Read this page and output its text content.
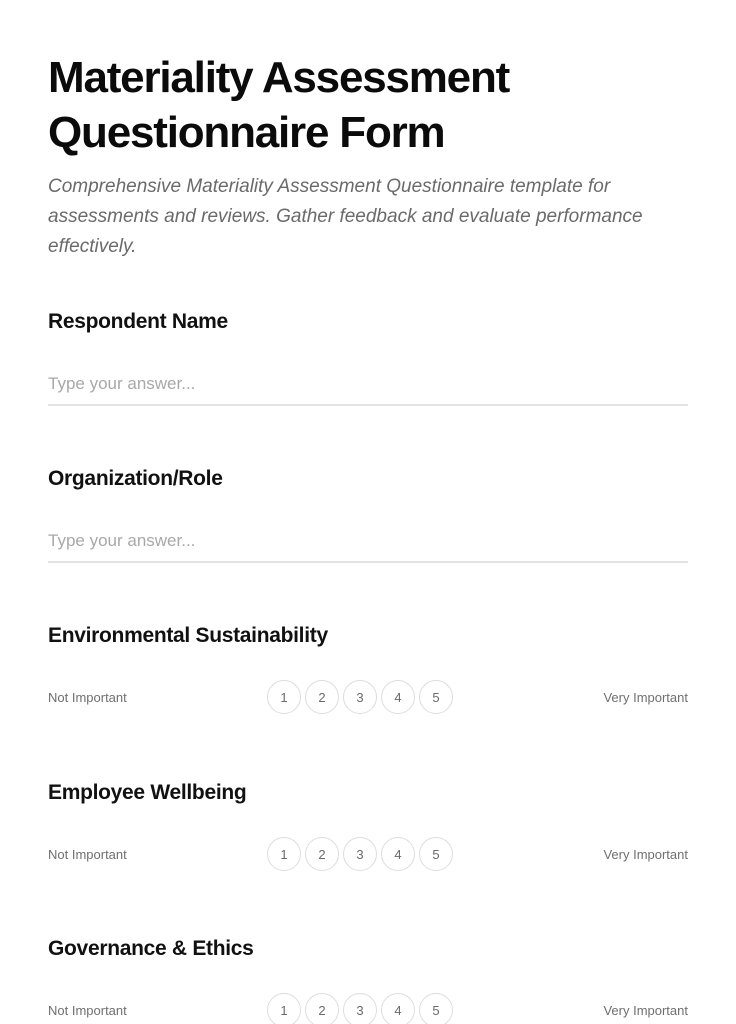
Materiality Assessment
Questionnaire Form

Comprehensive Materiality Assessment Questionnaire template for assessments and reviews. Gather feedback and evaluate performance effectively.

Respondent Name
Type your answer...
Organization/Role
Type your answer...
Environmental Sustainability
Not Important	1	2	3	4	5	Very Important
Employee Wellbeing
Not Important	1	2	3	4	5	Very Important
Governance & Ethics
Not Important	1	2	3	4	5	Very Important
